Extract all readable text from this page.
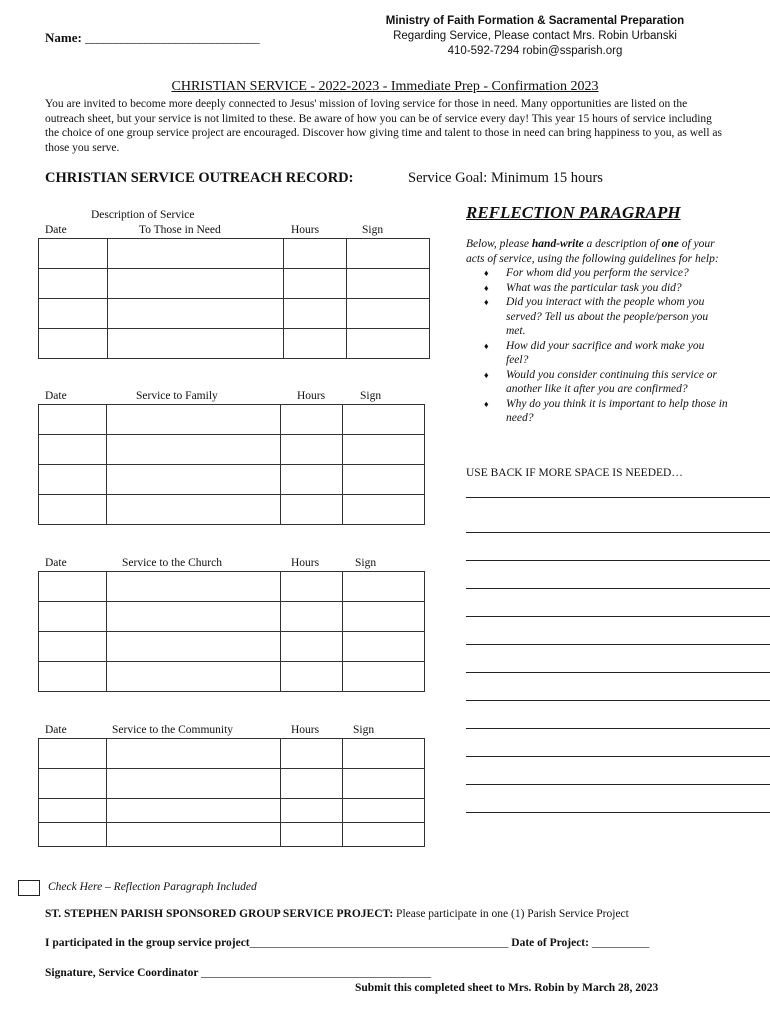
Ministry of Faith Formation & Sacramental Preparation
Regarding Service, Please contact Mrs. Robin Urbanski
410-592-7294 robin@ssparish.org
Name: _____________________________
CHRISTIAN SERVICE - 2022-2023 - Immediate Prep - Confirmation 2023
You are invited to become more deeply connected to Jesus' mission of loving service for those in need. Many opportunities are listed on the outreach sheet, but your service is not limited to these. Be aware of how you can be of service every day! This year 15 hours of service including the choice of one group service project are encouraged. Discover how giving time and talent to those in need can bring happiness to you, as well as those you serve.
CHRISTIAN SERVICE OUTREACH RECORD:	Service Goal: Minimum 15 hours
Description of Service
Date	To Those in Need	Hours	Sign

Date	Service to Family	Hours	Sign

Date	Service to the Church	Hours	Sign

Date	Service to the Community	Hours	Sign

REFLECTION PARAGRAPH
Below, please hand-write a description of one of your acts of service, using the following guidelines for help:
♦ For whom did you perform the service?
♦ What was the particular task you did?
♦ Did you interact with the people whom you served? Tell us about the people/person you met.
♦ How did your sacrifice and work make you feel?
♦ Would you consider continuing this service or another like it after you are confirmed?
♦ Why do you think it is important to help those in need?
USE BACK IF MORE SPACE IS NEEDED…
Check Here – Reflection Paragraph Included
ST. STEPHEN PARISH SPONSORED GROUP SERVICE PROJECT: Please participate in one (1) Parish Service Project
I participated in the group service project_____________________________________________ Date of Project: __________
Signature, Service Coordinator ________________________________________
Submit this completed sheet to Mrs. Robin by March 28, 2023
